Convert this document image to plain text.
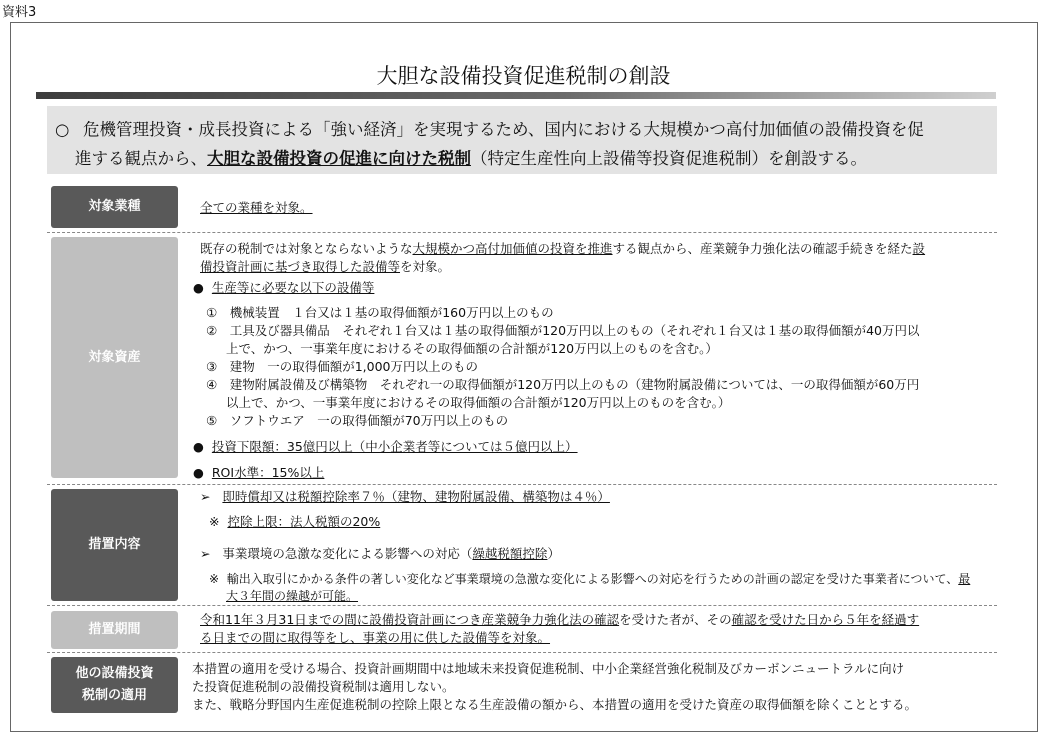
資料3
大胆な設備投資促進税制の創設
○ 危機管理投資・成長投資による「強い経済」を実現するため、国内における大規模かつ高付加価値の設備投資を促
進する観点から、大胆な設備投資の促進に向けた税制（特定生産性向上設備等投資促進税制）を創設する。
対象業種	全ての業種を対象。
対象資産
既存の税制では対象とならないような大規模かつ高付加価値の投資を推進する観点から、産業競争力強化法の確認手続きを経た設
備投資計画に基づき取得した設備等を対象。
● 生産等に必要な以下の設備等
①　機械装置　１台又は１基の取得価額が160万円以上のもの
②　工具及び器具備品　それぞれ１台又は１基の取得価額が120万円以上のもの（それぞれ１台又は１基の取得価額が40万円以
上で、かつ、一事業年度におけるその取得価額の合計額が120万円以上のものを含む。）
③　建物　一の取得価額が1,000万円以上のもの
④　建物附属設備及び構築物　それぞれ一の取得価額が120万円以上のもの（建物附属設備については、一の取得価額が60万円
以上で、かつ、一事業年度におけるその取得価額の合計額が120万円以上のものを含む。）
⑤　ソフトウエア　一の取得価額が70万円以上のもの
● 投資下限額：35億円以上（中小企業者等については５億円以上）
● ROI水準：15%以上
措置内容
➢ 即時償却又は税額控除率７％（建物、建物附属設備、構築物は４％）
※ 控除上限：法人税額の20%
➢ 事業環境の急激な変化による影響への対応（繰越税額控除）
※ 輸出入取引にかかる条件の著しい変化など事業環境の急激な変化による影響への対応を行うための計画の認定を受けた事業者について、最
大３年間の繰越が可能。
措置期間
令和11年３月31日までの間に設備投資計画につき産業競争力強化法の確認を受けた者が、その確認を受けた日から５年を経過す
る日までの間に取得等をし、事業の用に供した設備等を対象。
他の設備投資
税制の適用
本措置の適用を受ける場合、投資計画期間中は地域未来投資促進税制、中小企業経営強化税制及びカーボンニュートラルに向け
た投資促進税制の設備投資税制は適用しない。
また、戦略分野国内生産促進税制の控除上限となる生産設備の額から、本措置の適用を受けた資産の取得価額を除くこととする。
